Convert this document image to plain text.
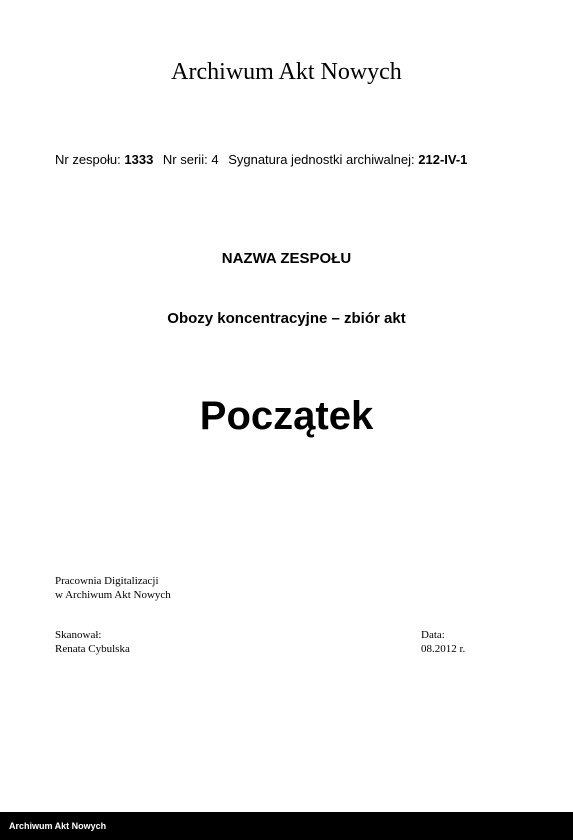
Archiwum Akt Nowych
Nr zespołu: 1333 Nr serii: 4 Sygnatura jednostki archiwalnej: 212-IV-1
NAZWA ZESPOŁU
Obozy koncentracyjne – zbiór akt
Początek
Pracownia Digitalizacji
w Archiwum Akt Nowych
Skanował:
Renata Cybulska
Data:
08.2012 r.
Archiwum Akt Nowych
